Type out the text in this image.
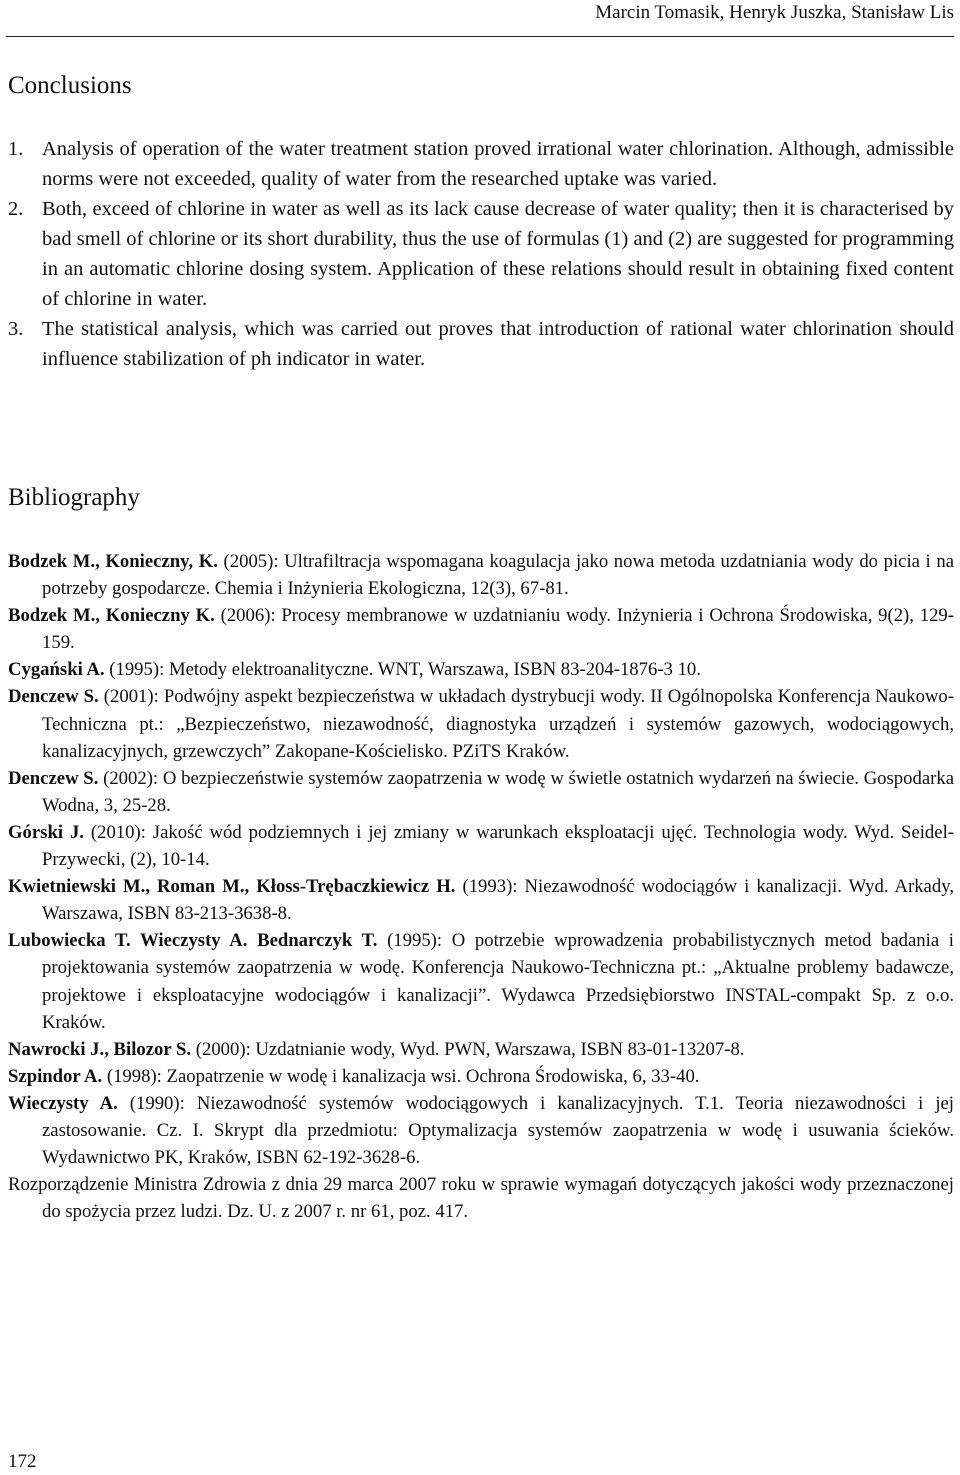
Marcin Tomasik, Henryk Juszka, Stanisław Lis
Conclusions
1. Analysis of operation of the water treatment station proved irrational water chlorination. Although, admissible norms were not exceeded, quality of water from the researched uptake was varied.
2. Both, exceed of chlorine in water as well as its lack cause decrease of water quality; then it is characterised by bad smell of chlorine or its short durability, thus the use of formulas (1) and (2) are suggested for programming in an automatic chlorine dosing system. Application of these relations should result in obtaining fixed content of chlorine in water.
3. The statistical analysis, which was carried out proves that introduction of rational water chlorination should influence stabilization of ph indicator in water.
Bibliography

Bodzek M., Konieczny, K. (2005): Ultrafiltracja wspomagana koagulacja jako nowa metoda uzdatniania wody do picia i na potrzeby gospodarcze. Chemia i Inżynieria Ekologiczna, 12(3), 67-81.

Bodzek M., Konieczny K. (2006): Procesy membranowe w uzdatnianiu wody. Inżynieria i Ochrona Środowiska, 9(2), 129-159.

Cygański A. (1995): Metody elektroanalityczne. WNT, Warszawa, ISBN 83-204-1876-3 10.

Denczew S. (2001): Podwójny aspekt bezpieczeństwa w układach dystrybucji wody. II Ogólnopolska Konferencja Naukowo-Techniczna pt.: „Bezpieczeństwo, niezawodność, diagnostyka urządzeń i systemów gazowych, wodociągowych, kanalizacyjnych, grzewczych” Zakopane-Kościelisko. PZiTS Kraków.

Denczew S. (2002): O bezpieczeństwie systemów zaopatrzenia w wodę w świetle ostatnich wydarzeń na świecie. Gospodarka Wodna, 3, 25-28.

Górski J. (2010): Jakość wód podziemnych i jej zmiany w warunkach eksploatacji ujęć. Technologia wody. Wyd. Seidel-Przywecki, (2), 10-14.

Kwietniewski M., Roman M., Kłoss-Trębaczkiewicz H. (1993): Niezawodność wodociągów i kanalizacji. Wyd. Arkady, Warszawa, ISBN 83-213-3638-8.

Lubowiecka T. Wieczysty A. Bednarczyk T. (1995): O potrzebie wprowadzenia probabilistycznych metod badania i projektowania systemów zaopatrzenia w wodę. Konferencja Naukowo-Techniczna pt.: „Aktualne problemy badawcze, projektowe i eksploatacyjne wodociągów i kanalizacji”. Wydawca Przedsiębiorstwo INSTAL-compakt Sp. z o.o. Kraków.

Nawrocki J., Bilozor S. (2000): Uzdatnianie wody, Wyd. PWN, Warszawa, ISBN 83-01-13207-8.

Szpindor A. (1998): Zaopatrzenie w wodę i kanalizacja wsi. Ochrona Środowiska, 6, 33-40.

Wieczysty A. (1990): Niezawodność systemów wodociągowych i kanalizacyjnych. T.1. Teoria niezawodności i jej zastosowanie. Cz. I. Skrypt dla przedmiotu: Optymalizacja systemów zaopatrzenia w wodę i usuwania ścieków. Wydawnictwo PK, Kraków, ISBN 62-192-3628-6.

Rozporządzenie Ministra Zdrowia z dnia 29 marca 2007 roku w sprawie wymagań dotyczących jakości wody przeznaczonej do spożycia przez ludzi. Dz. U. z 2007 r. nr 61, poz. 417.

172
